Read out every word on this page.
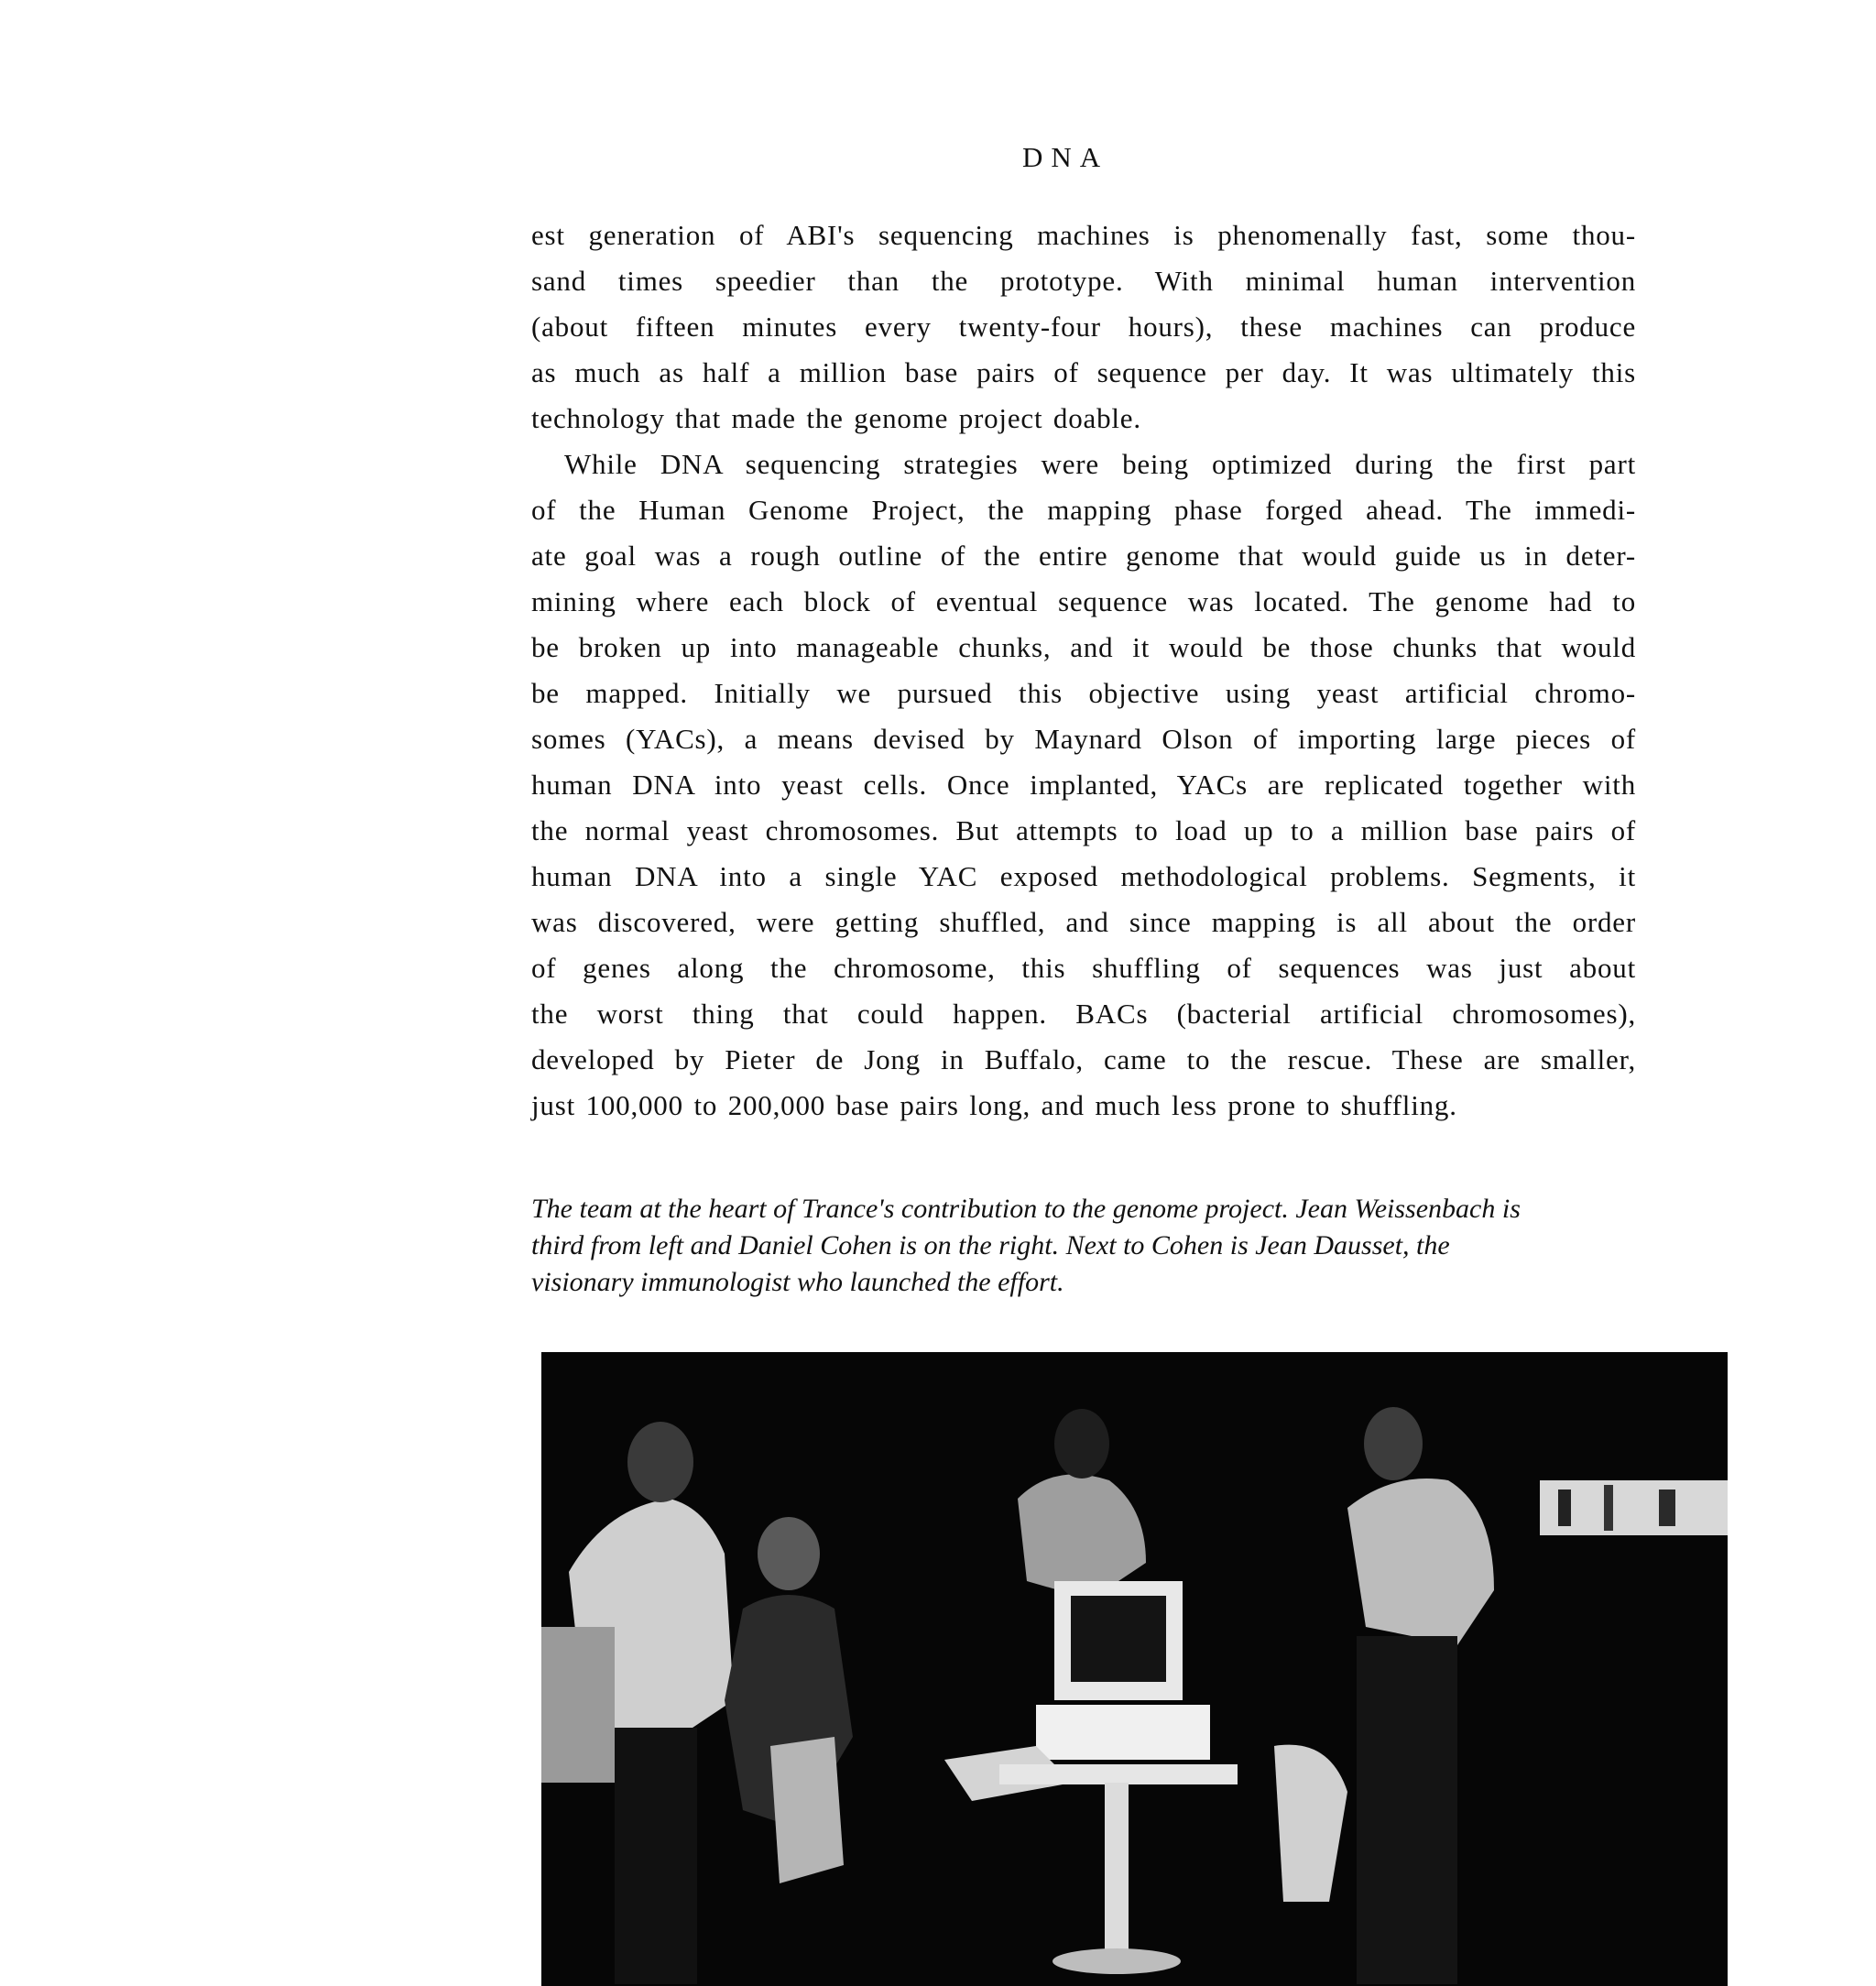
DNA
est generation of ABI's sequencing machines is phenomenally fast, some thou-
sand times speedier than the prototype. With minimal human intervention
(about fifteen minutes every twenty-four hours), these machines can produce
as much as half a million base pairs of sequence per day. It was ultimately this
technology that made the genome project doable.
While DNA sequencing strategies were being optimized during the first part
of the Human Genome Project, the mapping phase forged ahead. The immedi-
ate goal was a rough outline of the entire genome that would guide us in deter-
mining where each block of eventual sequence was located. The genome had to
be broken up into manageable chunks, and it would be those chunks that would
be mapped. Initially we pursued this objective using yeast artificial chromo-
somes (YACs), a means devised by Maynard Olson of importing large pieces of
human DNA into yeast cells. Once implanted, YACs are replicated together with
the normal yeast chromosomes. But attempts to load up to a million base pairs of
human DNA into a single YAC exposed methodological problems. Segments, it
was discovered, were getting shuffled, and since mapping is all about the order
of genes along the chromosome, this shuffling of sequences was just about
the worst thing that could happen. BACs (bacterial artificial chromosomes),
developed by Pieter de Jong in Buffalo, came to the rescue. These are smaller,
just 100,000 to 200,000 base pairs long, and much less prone to shuffling.
The team at the heart of Trance's contribution to the genome project. Jean Weissenbach is
third from left and Daniel Cohen is on the right. Next to Cohen is Jean Dausset, the
visionary immunologist who launched the effort.
